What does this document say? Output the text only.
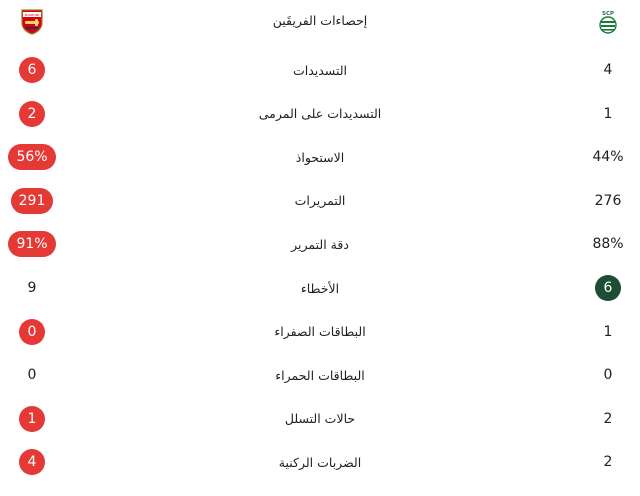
Arsenal	إحصاءات الفريقَين	SCP
6	التسديدات	4
2	التسديدات على المرمى	1
56%	الاستحواذ	44%
291	التمريرات	276
91%	دقة التمرير	88%
9	الأخطاء	6
0	البطاقات الصفراء	1
0	البطاقات الحمراء	0
1	حالات التسلل	2
4	الضربات الركنية	2
